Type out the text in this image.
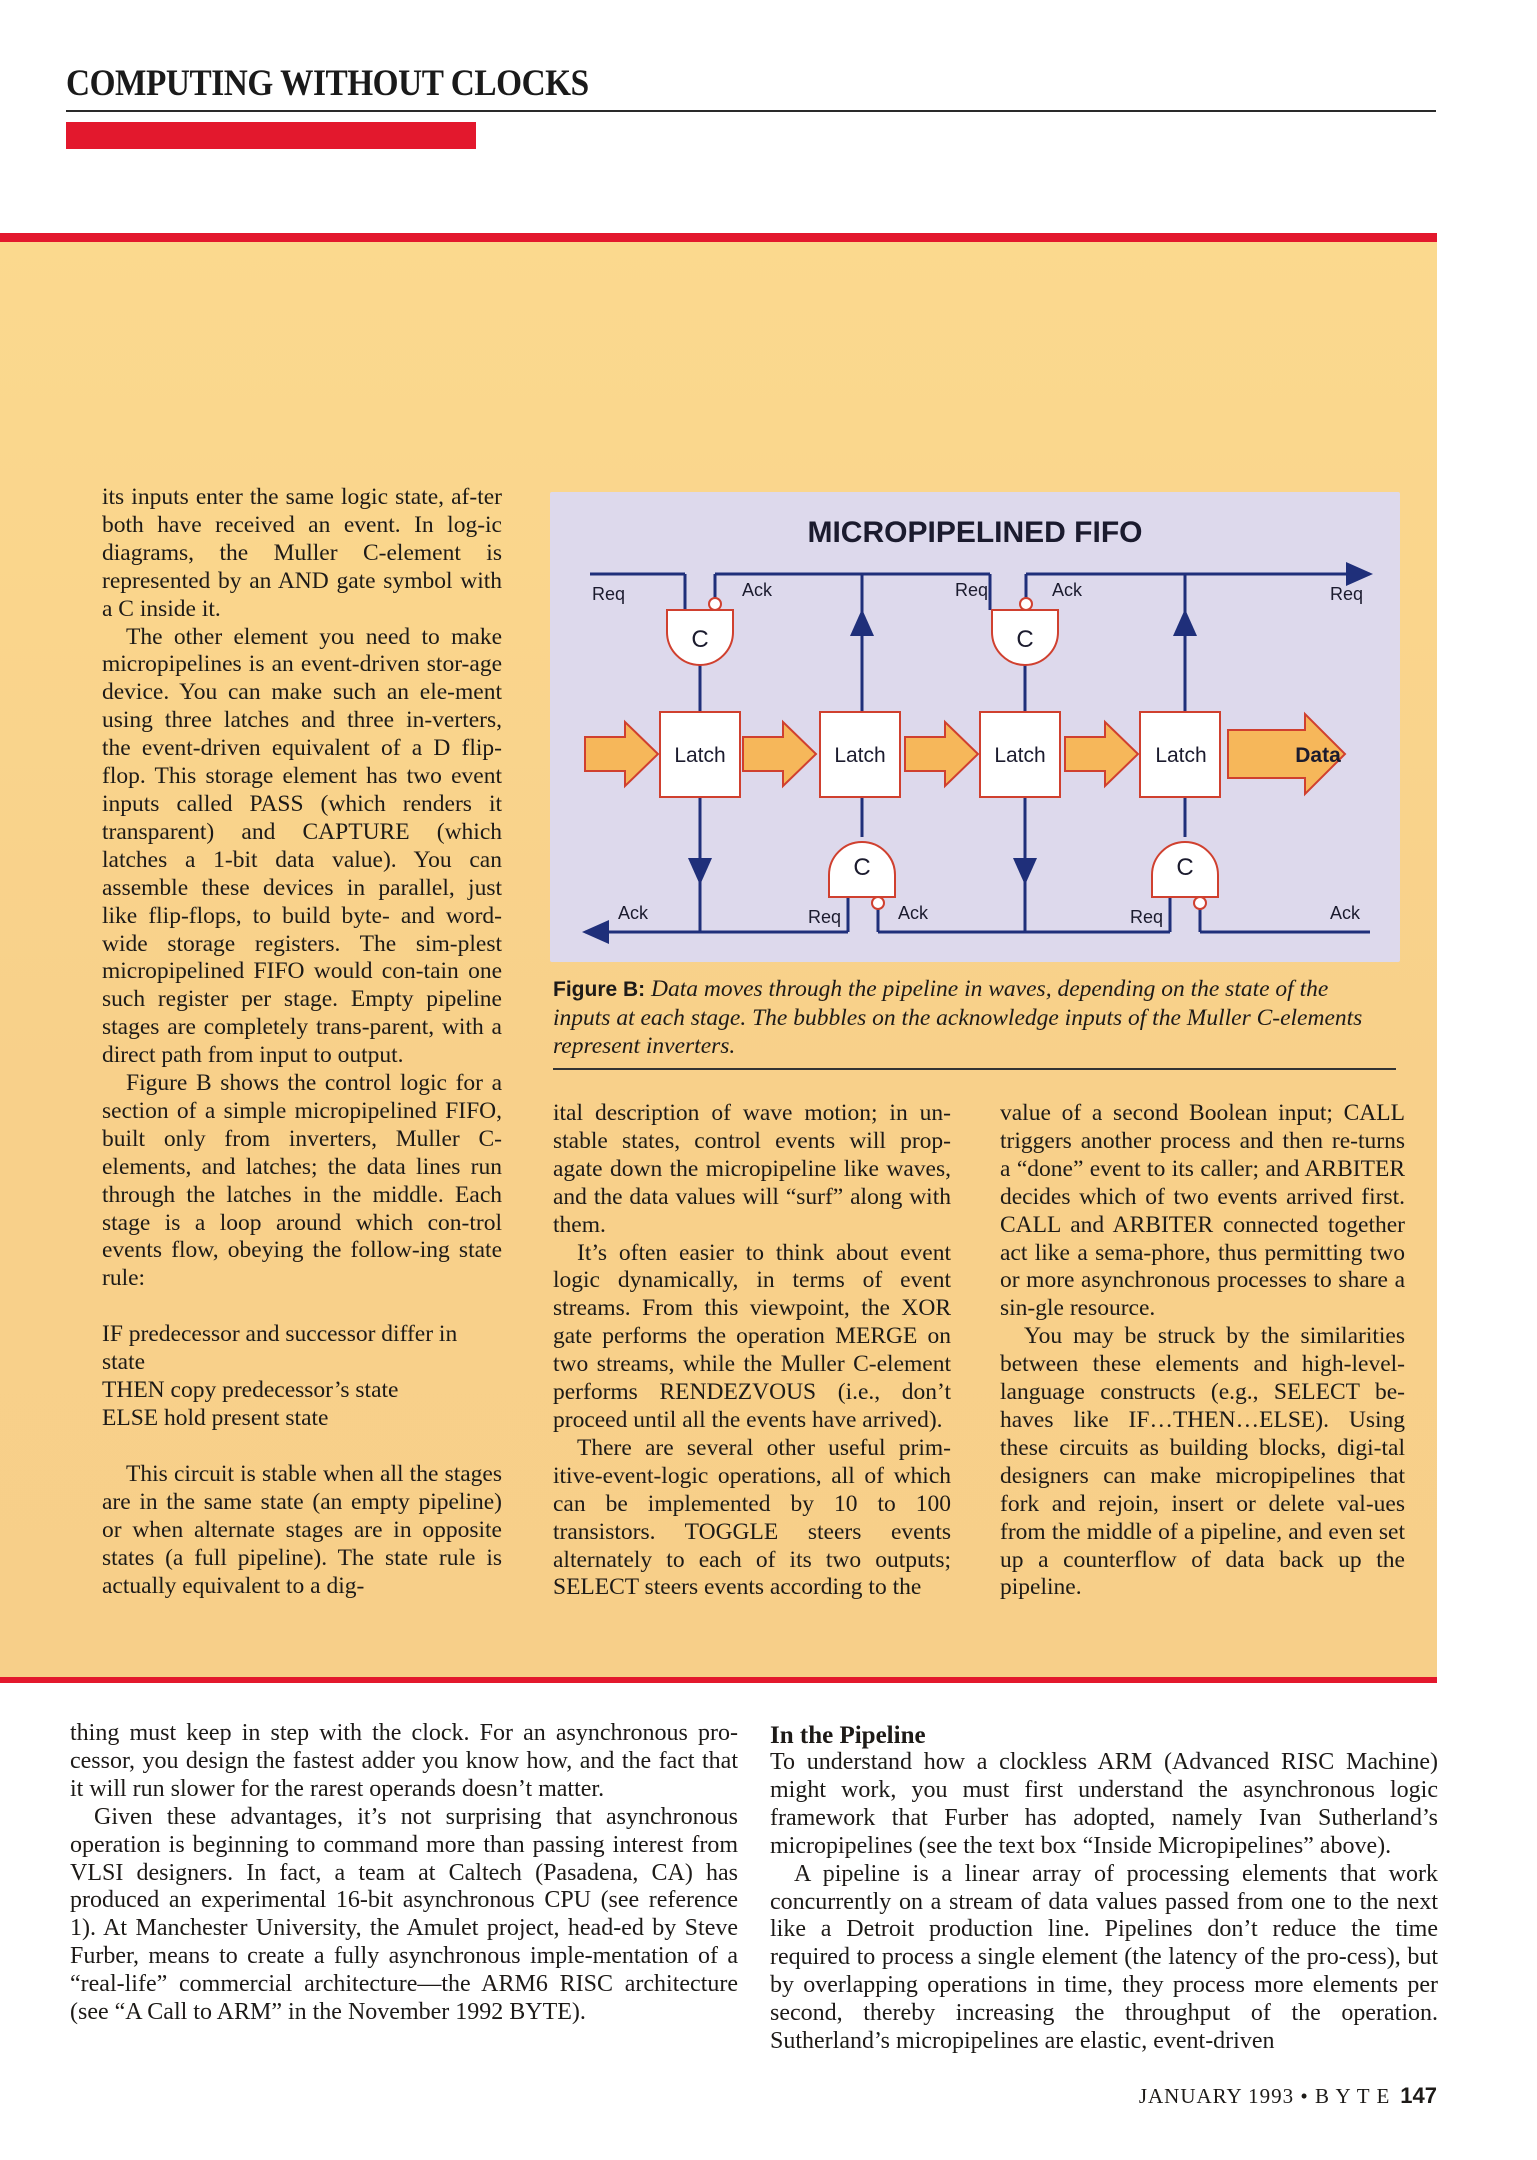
COMPUTING WITHOUT CLOCKS

its inputs enter the same logic state, af-ter both have received an event. In log-ic diagrams, the Muller C-element is represented by an AND gate symbol with a C inside it.

The other element you need to make micropipelines is an event-driven stor-age device. You can make such an ele-ment using three latches and three in-verters, the event-driven equivalent of a D flip-flop. This storage element has two event inputs called PASS (which renders it transparent) and CAPTURE (which latches a 1-bit data value). You can assemble these devices in parallel, just like flip-flops, to build byte- and word-wide storage registers. The sim-plest micropipelined FIFO would con-tain one such register per stage. Empty pipeline stages are completely trans-parent, with a direct path from input to output.

Figure B shows the control logic for a section of a simple micropipelined FIFO, built only from inverters, Muller C-elements, and latches; the data lines run through the latches in the middle. Each stage is a loop around which con-trol events flow, obeying the follow-ing state rule:

IF predecessor and successor differ in state

THEN copy predecessor’s state

ELSE hold present state

This circuit is stable when all the stages are in the same state (an empty pipeline) or when alternate stages are in opposite states (a full pipeline). The state rule is actually equivalent to a dig-

MICROPIPELINED FIFO
Latch	Latch	Latch	Latch
C	C
C	C
Req	Ack	Req	Ack	Req
Ack	Req	Ack	Req	Ack
Data
Figure B: Data moves through the pipeline in waves, depending on the state of the inputs at each stage. The bubbles on the acknowledge inputs of the Muller C-elements represent inverters.

ital description of wave motion; in un-stable states, control events will prop-agate down the micropipeline like waves, and the data values will “surf” along with them.

It’s often easier to think about event logic dynamically, in terms of event streams. From this viewpoint, the XOR gate performs the operation MERGE on two streams, while the Muller C-element performs RENDEZVOUS (i.e., don’t proceed until all the events have arrived).

There are several other useful prim-itive-event-logic operations, all of which can be implemented by 10 to 100 transistors. TOGGLE steers events alternately to each of its two outputs; SELECT steers events according to the

value of a second Boolean input; CALL triggers another process and then re-turns a “done” event to its caller; and ARBITER decides which of two events arrived first. CALL and ARBITER connected together act like a sema-phore, thus permitting two or more asynchronous processes to share a sin-gle resource.

You may be struck by the similarities between these elements and high-level-language constructs (e.g., SELECT be-haves like IF…THEN…ELSE). Using these circuits as building blocks, digi-tal designers can make micropipelines that fork and rejoin, insert or delete val-ues from the middle of a pipeline, and even set up a counterflow of data back up the pipeline.

thing must keep in step with the clock. For an asynchronous pro-cessor, you design the fastest adder you know how, and the fact that it will run slower for the rarest operands doesn’t matter.

Given these advantages, it’s not surprising that asynchronous operation is beginning to command more than passing interest from VLSI designers. In fact, a team at Caltech (Pasadena, CA) has produced an experimental 16-bit asynchronous CPU (see reference 1). At Manchester University, the Amulet project, head-ed by Steve Furber, means to create a fully asynchronous imple-mentation of a “real-life” commercial architecture—the ARM6 RISC architecture (see “A Call to ARM” in the November 1992 BYTE).

In the Pipeline

To understand how a clockless ARM (Advanced RISC Machine) might work, you must first understand the asynchronous logic framework that Furber has adopted, namely Ivan Sutherland’s micropipelines (see the text box “Inside Micropipelines” above).

A pipeline is a linear array of processing elements that work concurrently on a stream of data values passed from one to the next like a Detroit production line. Pipelines don’t reduce the time required to process a single element (the latency of the pro-cess), but by overlapping operations in time, they process more elements per second, thereby increasing the throughput of the operation. Sutherland’s micropipelines are elastic, event-driven

JANUARY 1993 • B Y T E 147
